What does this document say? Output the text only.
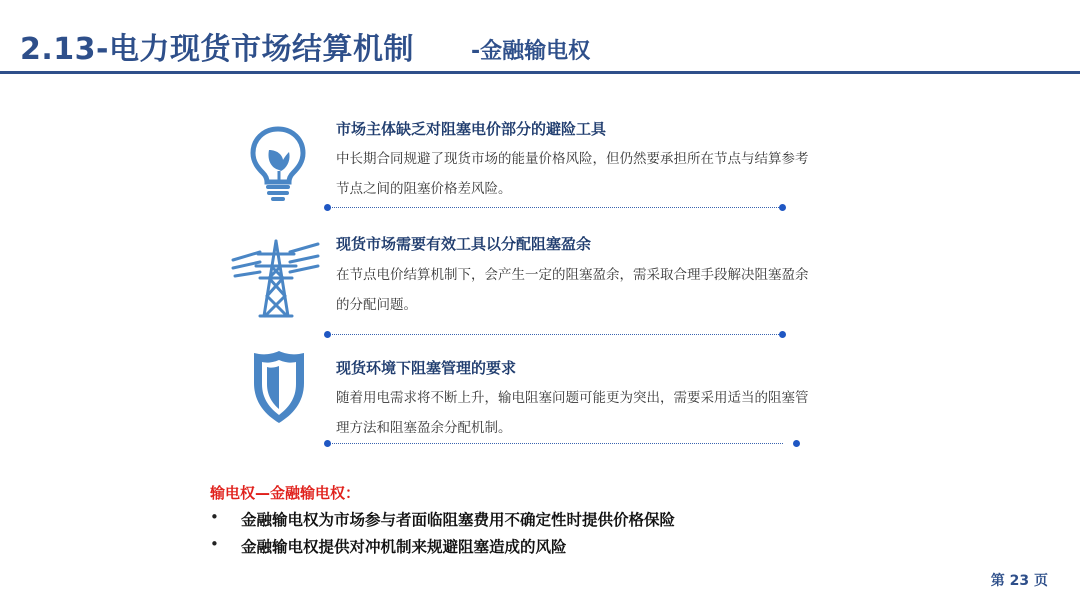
2.13-电力现货市场结算机制	-金融输电权
市场主体缺乏对阻塞电价部分的避险工具
中长期合同规避了现货市场的能量价格风险，但仍然要承担所在节点与结算参考节点之间的阻塞价格差风险。
现货市场需要有效工具以分配阻塞盈余
在节点电价结算机制下，会产生一定的阻塞盈余，需采取合理手段解决阻塞盈余的分配问题。
现货环境下阻塞管理的要求
随着用电需求将不断上升，输电阻塞问题可能更为突出，需要采用适当的阻塞管理方法和阻塞盈余分配机制。
输电权—金融输电权：
• 金融输电权为市场参与者面临阻塞费用不确定性时提供价格保险
• 金融输电权提供对冲机制来规避阻塞造成的风险
第 23 页
